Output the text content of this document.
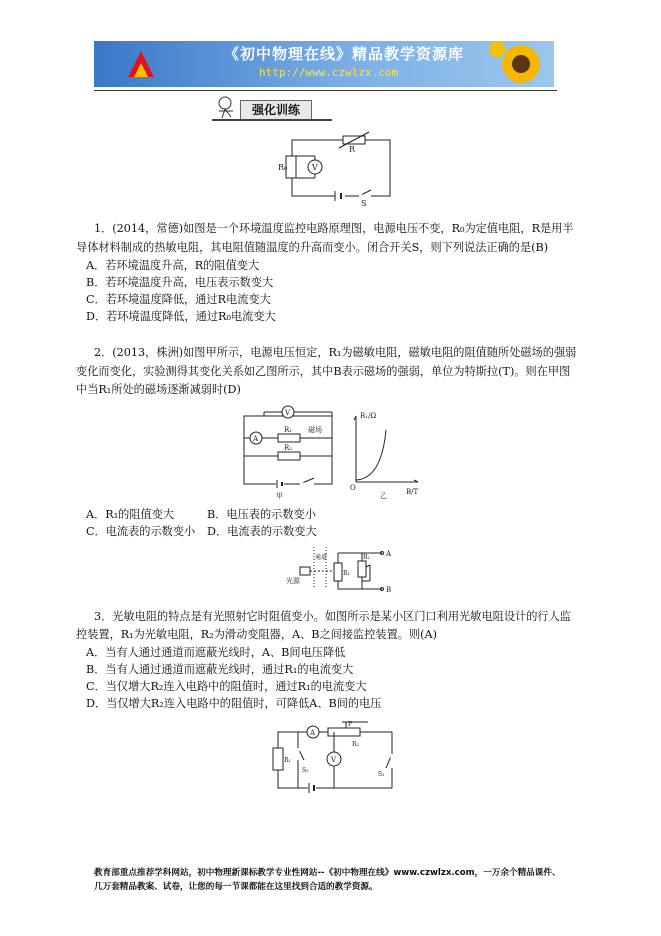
《初中物理在线》精品教学资源库
http://www.czwlzx.com
强化训练
R₀	V
R
S
1．(2014，常德)如图是一个环境温度监控电路原理图，电源电压不变，R₀为定值电阻，R是用半
导体材料制成的热敏电阻，其电阻值随温度的升高而变小。闭合开关S，则下列说法正确的是(B)
A．若环境温度升高，R的阻值变大
B．若环境温度升高，电压表示数变大
C．若环境温度降低，通过R电流变大
D．若环境温度降低，通过R₀电流变大
2．(2013，株洲)如图甲所示，电源电压恒定，R₁为磁敏电阻，磁敏电阻的阻值随所处磁场的强弱
变化而变化，实验测得其变化关系如乙图所示，其中B表示磁场的强弱，单位为特斯拉(T)。则在甲图
中当R₁所处的磁场逐渐减弱时(D)
V
A
R₁ 磁场
R₂
甲
R₁/Ω
B/T
O
乙
A．R₁的阻值变大	B．电压表的示数变小
C．电流表的示数变小 D．电流表的示数变大
光源
通道
R₁
R₂ A
B
3．光敏电阻的特点是有光照射它时阻值变小。如图所示是某小区门口利用光敏电阻设计的行人监
控装置，R₁为光敏电阻，R₂为滑动变阻器，A、B之间接监控装置。则(A)
A．当有人通过通道而遮蔽光线时，A、B间电压降低
B．当有人通过通道而遮蔽光线时，通过R₁的电流变大
C．当仅增大R₂连入电路中的阻值时，通过R₁的电流变大
D．当仅增大R₂连入电路中的阻值时，可降低A、B间的电压
A
V
P
R₂
R₁
S₂
S₁
教育部重点推荐学科网站，初中物理新课标教学专业性网站--《初中物理在线》www.czwlzx.com，一万余个精品课件、
几万套精品教案、试卷，让您的每一节课都能在这里找到合适的教学资源。
